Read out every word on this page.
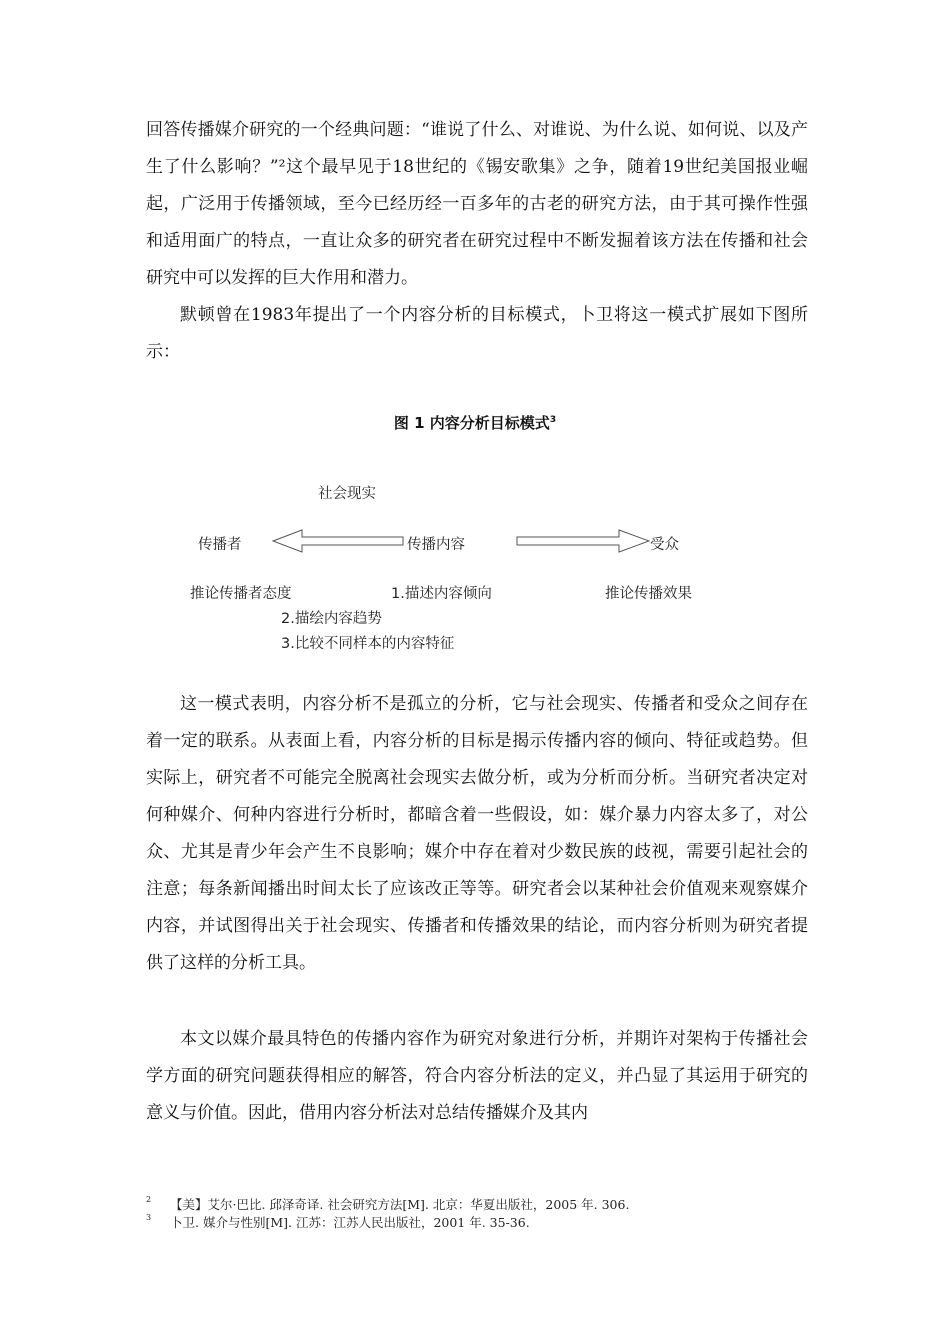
回答传播媒介研究的一个经典问题：“谁说了什么、对谁说、为什么说、如何说、以及产生了什么影响？”²这个最早见于18世纪的《锡安歌集》之争，随着19世纪美国报业崛起，广泛用于传播领域，至今已经历经一百多年的古老的研究方法，由于其可操作性强和适用面广的特点，一直让众多的研究者在研究过程中不断发掘着该方法在传播和社会研究中可以发挥的巨大作用和潜力。

默顿曾在1983年提出了一个内容分析的目标模式，卜卫将这一模式扩展如下图所示：

图 1 内容分析目标模式$^3$
社会现实
传播者	传播内容	受众
推论传播者态度	1.描述内容倾向	推论传播效果
2.描绘内容趋势
3.比较不同样本的内容特征

这一模式表明，内容分析不是孤立的分析，它与社会现实、传播者和受众之间存在着一定的联系。从表面上看，内容分析的目标是揭示传播内容的倾向、特征或趋势。但实际上，研究者不可能完全脱离社会现实去做分析，或为分析而分析。当研究者决定对何种媒介、何种内容进行分析时，都暗含着一些假设，如：媒介暴力内容太多了，对公众、尤其是青少年会产生不良影响；媒介中存在着对少数民族的歧视，需要引起社会的注意；每条新闻播出时间太长了应该改正等等。研究者会以某种社会价值观来观察媒介内容，并试图得出关于社会现实、传播者和传播效果的结论，而内容分析则为研究者提供了这样的分析工具。

本文以媒介最具特色的传播内容作为研究对象进行分析，并期许对架构于传播社会学方面的研究问题获得相应的解答，符合内容分析法的定义，并凸显了其运用于研究的意义与价值。因此，借用内容分析法对总结传播媒介及其内

2 【美】艾尔·巴比. 邱泽奇译. 社会研究方法[M]. 北京：华夏出版社，2005 年. 306.
3 卜卫. 媒介与性别[M]. 江苏：江苏人民出版社，2001 年. 35-36.
